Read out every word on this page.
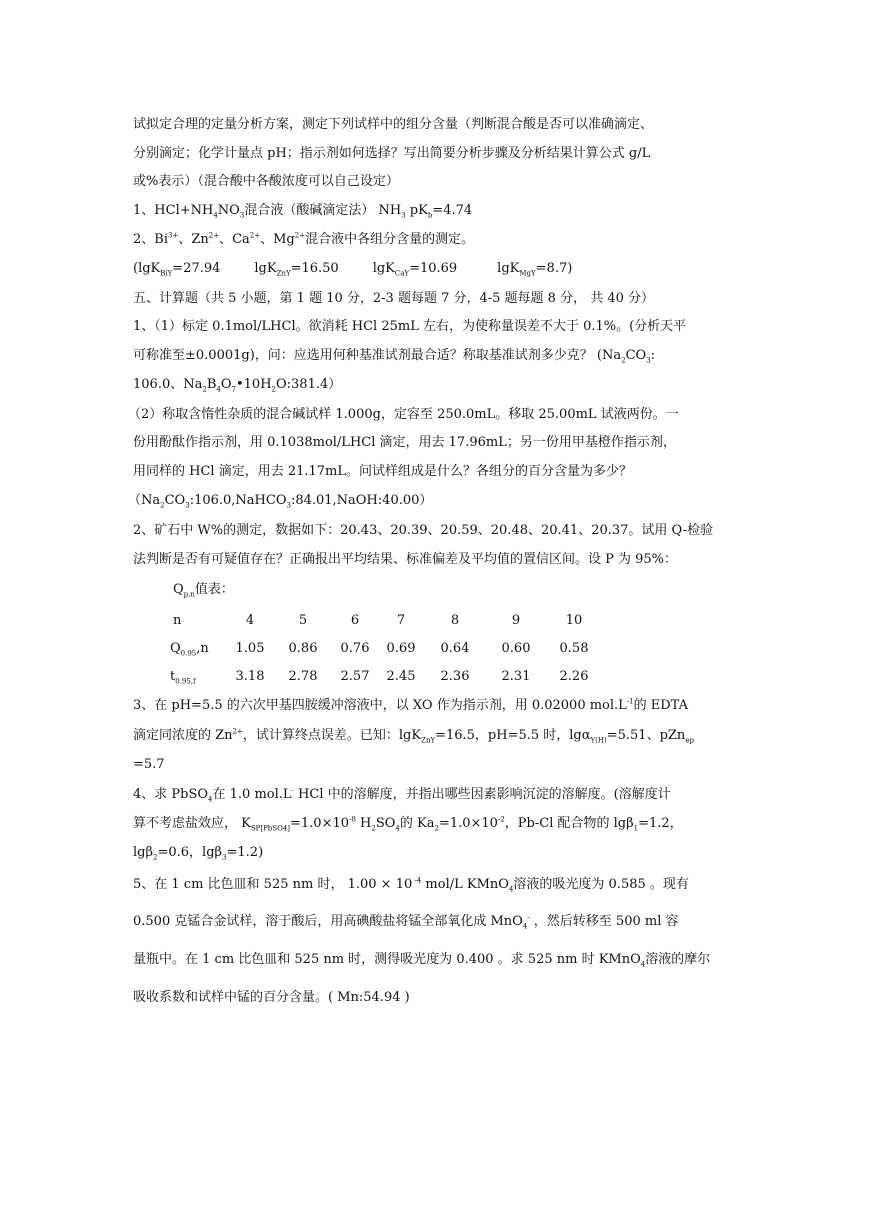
试拟定合理的定量分析方案，测定下列试样中的组分含量（判断混合酸是否可以准确滴定、
分别滴定；化学计量点 pH；指示剂如何选择？写出简要分析步骤及分析结果计算公式 g/L
或%表示）（混合酸中各酸浓度可以自己设定）
1、$HCl+NH_4NO_3$混合液（酸碱滴定法） $NH_3$ $pK_b=4.74$
2、$Bi^{3+}$、$Zn^{2+}$、$Ca^{2+}$、$Mg^{2+}$混合液中各组分含量的测定。
(lgK$_{BiY}$=27.94	lgK$_{ZnY}$=16.50	lgK$_{CaY}$=10.69	lgK$_{MgY}$=8.7)
五、计算题（共 5 小题，第 1 题 10 分，2-3 题每题 7 分，4-5 题每题 8 分， 共 40 分）
1、（1）标定 0.1mol/LHCl。欲消耗 HCl 25mL 左右，为使称量误差不大于 0.1%。(分析天平
可称准至±0.0001g)，问：应选用何种基准试剂最合适？称取基准试剂多少克？ ($Na_2CO_3$:
106.0、$Na_2B_4O_7•10H_2O:381.4$）
（2）称取含惰性杂质的混合碱试样 1.000g，定容至 250.0mL。移取 25.00mL 试液两份。一
份用酚酞作指示剂，用 0.1038mol/LHCl 滴定，用去 17.96mL；另一份用甲基橙作指示剂，
用同样的 HCl 滴定，用去 21.17mL。问试样组成是什么？各组分的百分含量为多少？
$(Na_2CO_3:106.0,NaHCO_3:84.01,NaOH:40.00)$
2、矿石中 W%的测定，数据如下：20.43、20.39、20.59、20.48、20.41、20.37。试用 Q-检验
法判断是否有可疑值存在？正确报出平均结果、标准偏差及平均值的置信区间。设 P 为 95%：
$Q_{p,n}$值表：
n	4	5	6	7	8	9	10
$Q_{0.95},n$	1.05	0.86	0.76	0.69	0.64	0.60	0.58
$t_{0.95,f}$	3.18	2.78	2.57	2.45	2.36	2.31	2.26
3、在 pH=5.5 的六次甲基四胺缓冲溶液中，以 XO 作为指示剂，用 0.02000 $mol.L^{-1}$的 EDTA
滴定同浓度的 $Zn^{2+}$，试计算终点误差。已知：lgK$_{ZnY}$=16.5，pH=5.5 时，lgα$_{Y(H)}$=5.51、pZn$_{ep}$
=5.7
4、求 PbSO$_4$在 1.0 mol.L- HCl 中的溶解度，并指出哪些因素影响沉淀的溶解度。(溶解度计
算不考虑盐效应， $K_{SP[PbSO4]}=1.0\times 10^{-8}$ $H_2SO_4$的 $Ka_2=1.0\times 10^{-2}$，Pb-Cl 配合物的 lgβ$_1$=1.2，
lgβ$_2$=0.6，lgβ$_3$=1.2)
5、在 1 cm 比色皿和 525 nm 时， 1.00 × 10 $^{-4}$ mol/L KMnO$_4$溶液的吸光度为 0.585 。现有
0.500 克锰合金试样，溶于酸后，用高碘酸盐将锰全部氧化成 MnO$_4$- ，然后转移至 500 ml 容
量瓶中。在 1 cm 比色皿和 525 nm 时，测得吸光度为 0.400 。求 525 nm 时 KMnO$_4$溶液的摩尔
吸收系数和试样中锰的百分含量。( Mn:54.94 )
